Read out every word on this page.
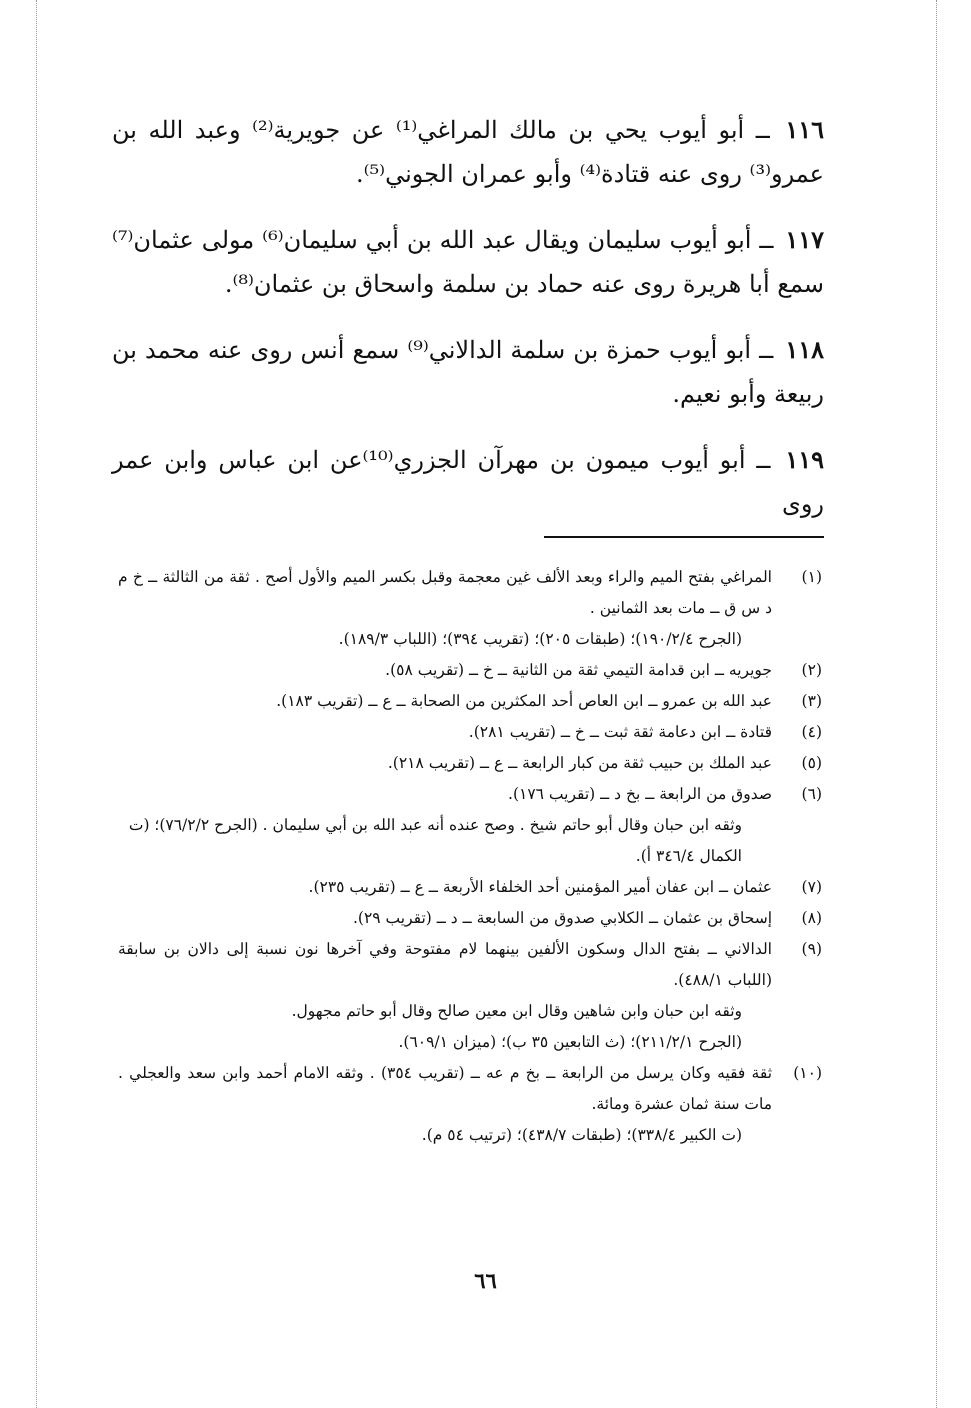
١١٦ ــ أبو أيوب يحي بن مالك المراغي⁽¹⁾ عن جويرية⁽²⁾ وعبد الله بن عمرو⁽³⁾ روى عنه قتادة⁽⁴⁾ وأبو عمران الجوني⁽⁵⁾.
١١٧ ــ أبو أيوب سليمان ويقال عبد الله بن أبي سليمان⁽⁶⁾ مولى عثمان⁽⁷⁾ سمع أبا هريرة روى عنه حماد بن سلمة واسحاق بن عثمان⁽⁸⁾.
١١٨ ــ أبو أيوب حمزة بن سلمة الدالاني⁽⁹⁾ سمع أنس روى عنه محمد بن ربيعة وأبو نعيم.
١١٩ ــ أبو أيوب ميمون بن مهرآن الجزري⁽¹⁰⁾عن ابن عباس وابن عمر روى
(١)
المراغي بفتح الميم والراء وبعد الألف غين معجمة وقبل بكسر الميم والأول أصح . ثقة من الثالثة ــ خ م د س ق ــ مات بعد الثمانين .
(الجرح ١٩٠/٢/٤)؛ (طبقات ٢٠٥)؛ (تقريب ٣٩٤)؛ (اللباب ١٨٩/٣).
(٢)
جويريه ــ ابن قدامة التيمي ثقة من الثانية ــ خ ــ (تقريب ٥٨).
(٣)
عبد الله بن عمرو ــ ابن العاص أحد المكثرين من الصحابة ــ ع ــ (تقريب ١٨٣).
(٤)
قتادة ــ ابن دعامة ثقة ثبت ــ خ ــ (تقريب ٢٨١).
(٥)
عبد الملك بن حبيب ثقة من كبار الرابعة ــ ع ــ (تقريب ٢١٨).
(٦)
صدوق من الرابعة ــ بخ د ــ (تقريب ١٧٦).
وثقه ابن حبان وقال أبو حاتم شيخ . وصح عنده أنه عبد الله بن أبي سليمان . (الجرح ٧٦/٢/٢)؛ (ت الكمال ٣٤٦/٤ أ).
(٧)
عثمان ــ ابن عفان أمير المؤمنين أحد الخلفاء الأربعة ــ ع ــ (تقريب ٢٣٥).
(٨)
إسحاق بن عثمان ــ الكلابي صدوق من السابعة ــ د ــ (تقريب ٢٩).
(٩)
الدالاني ــ بفتح الدال وسكون الألفين بينهما لام مفتوحة وفي آخرها نون نسبة إلى دالان بن سابقة (اللباب ٤٨٨/١).
وثقه ابن حبان وابن شاهين وقال ابن معين صالح وقال أبو حاتم مجهول.
(الجرح ٢١١/٢/١)؛ (ث التابعين ٣٥ ب)؛ (ميزان ٦٠٩/١).
(١٠)
ثقة فقيه وكان يرسل من الرابعة ــ بخ م عه ــ (تقريب ٣٥٤) . وثقه الامام أحمد وابن سعد والعجلي . مات سنة ثمان عشرة ومائة.
(ت الكبير ٣٣٨/٤)؛ (طبقات ٤٣٨/٧)؛ (ترتيب ٥٤ م).
٦٦
